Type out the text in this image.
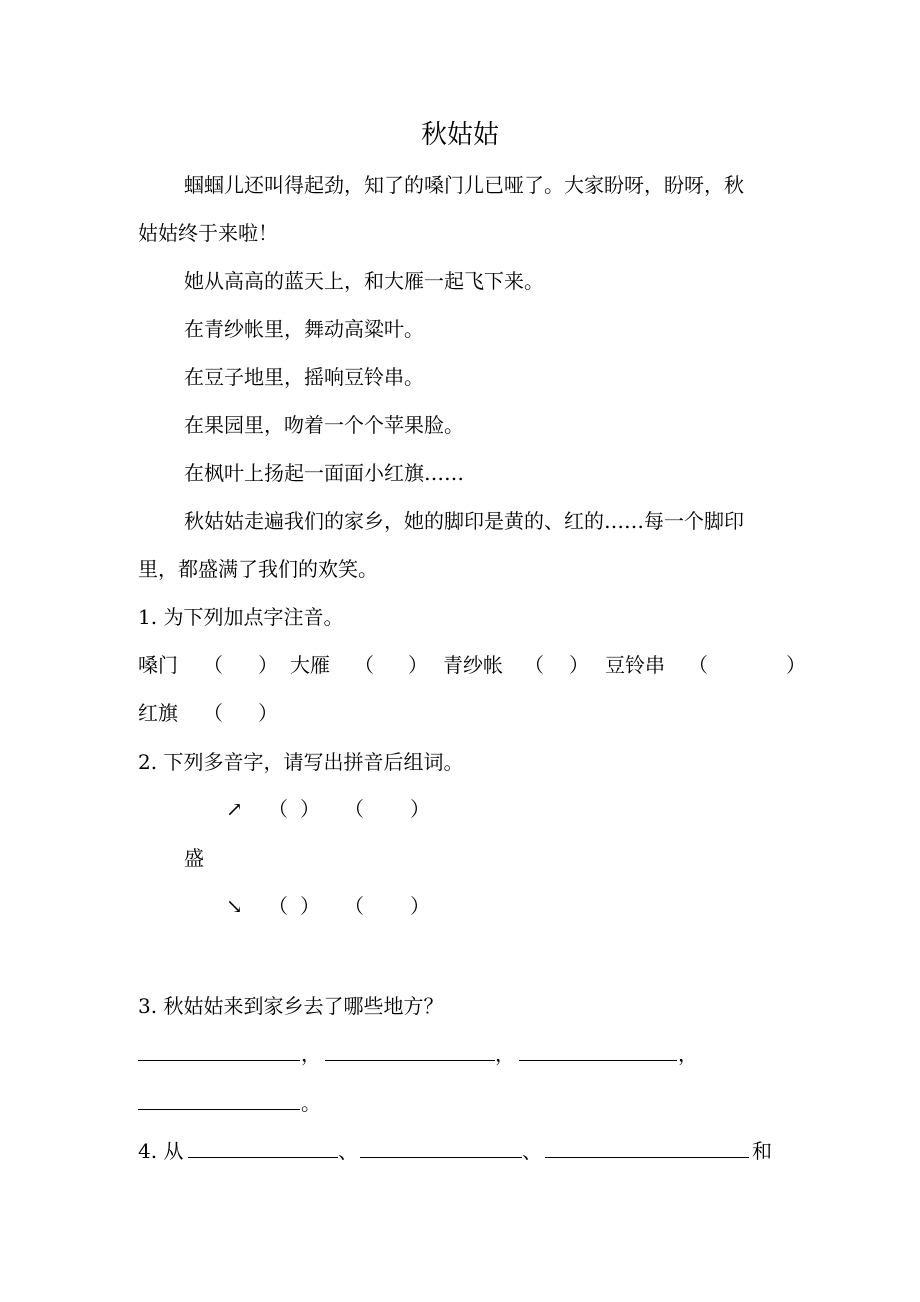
秋姑姑
蝈蝈儿还叫得起劲，知了的嗓门儿已哑了。大家盼呀，盼呀，秋
姑姑终于来啦！
她从高高的蓝天上，和大雁一起飞下来。
在青纱帐里，舞动高粱叶。
在豆子地里，摇响豆铃串。
在果园里，吻着一个个苹果脸。
在枫叶上扬起一面面小红旗……
秋姑姑走遍我们的家乡，她的脚印是黄的、红的……每一个脚印
里，都盛满了我们的欢笑。
1. 为下列加点字注音。
嗓门 （ ） 大雁 （ ） 青纱帐 （ ） 豆铃串 （	）
红旗 （ ）
2. 下列多音字，请写出拼音后组词。
↗ （ ） （ ）
盛
↘ （ ） （ ）
3. 秋姑姑来到家乡去了哪些地方？
，	，	，
。
4. 从	、	、	和
